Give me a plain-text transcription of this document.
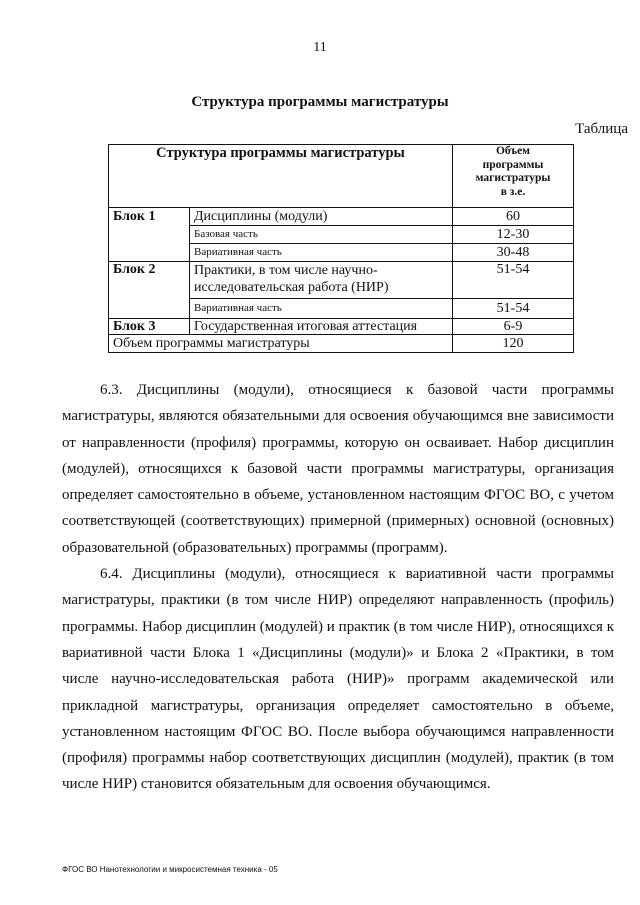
11
Структура программы магистратуры
Таблица
Структура программы магистратуры		Объем
программы
магистратуры
в з.е.
Блок 1	Дисциплины (модули)	60
	Базовая часть	12-30
	Вариативная часть	30-48
Блок 2	Практики, в том числе научно-исследовательская работа (НИР)	51-54
	Вариативная часть	51-54
Блок 3	Государственная итоговая аттестация	6-9
Объем программы магистратуры		120

6.3. Дисциплины (модули), относящиеся к базовой части программы магистратуры, являются обязательными для освоения обучающимся вне зависимости от направленности (профиля) программы, которую он осваивает. Набор дисциплин (модулей), относящихся к базовой части программы магистратуры, организация определяет самостоятельно в объеме, установленном настоящим ФГОС ВО, с учетом соответствующей (соответствующих) примерной (примерных) основной (основных) образовательной (образовательных) программы (программ).

6.4. Дисциплины (модули), относящиеся к вариативной части программы магистратуры, практики (в том числе НИР) определяют направленность (профиль) программы. Набор дисциплин (модулей) и практик (в том числе НИР), относящихся к вариативной части Блока 1 «Дисциплины (модули)» и Блока 2 «Практики, в том числе научно-исследовательская работа (НИР)» программ академической или прикладной магистратуры, организация определяет самостоятельно в объеме, установленном настоящим ФГОС ВО. После выбора обучающимся направленности (профиля) программы набор соответствующих дисциплин (модулей), практик (в том числе НИР) становится обязательным для освоения обучающимся.

ФГОС ВО Нанотехнологии и микросистемная техника - 05
